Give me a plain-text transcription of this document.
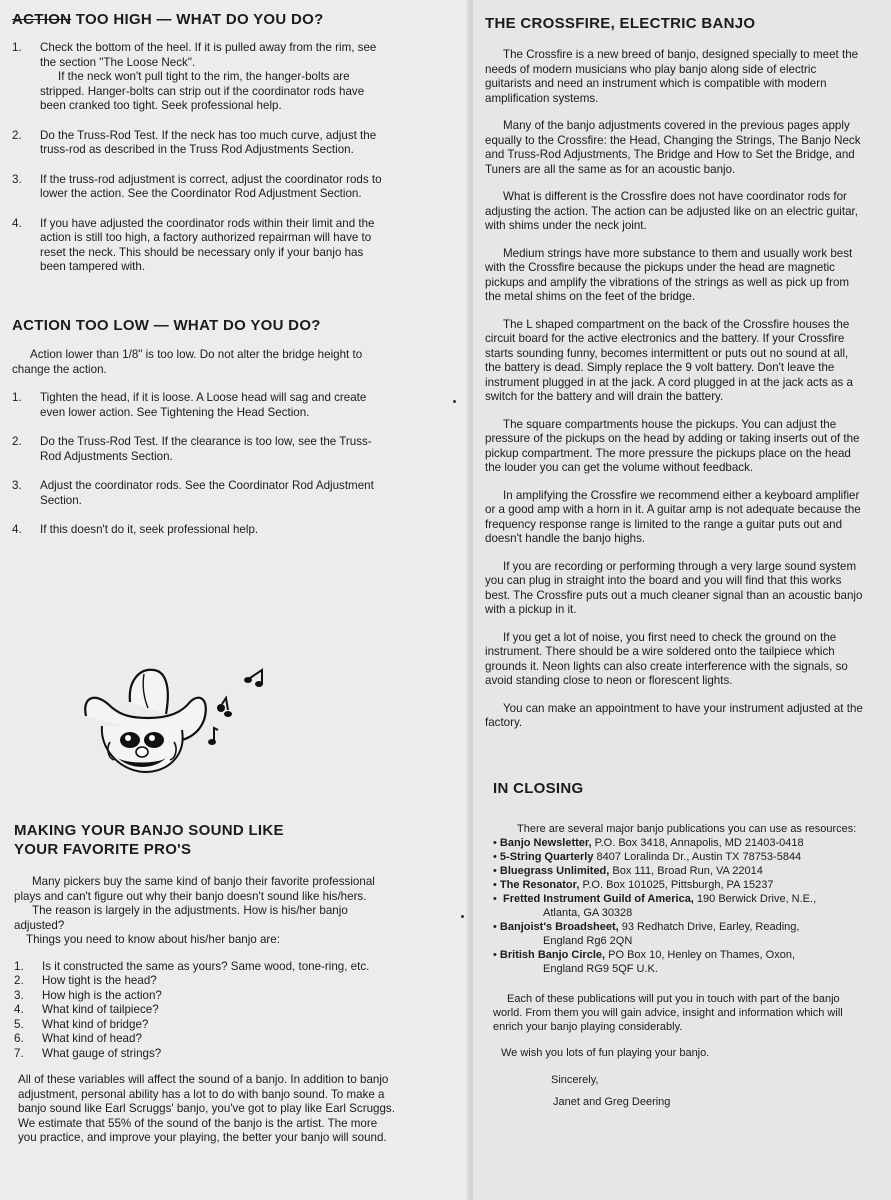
ACTION TOO HIGH — WHAT DO YOU DO?
1. Check the bottom of the heel. If it is pulled away from the rim, see the section "The Loose Neck".
If the neck won't pull tight to the rim, the hanger-bolts are stripped. Hanger-bolts can strip out if the coordinator rods have been cranked too tight. Seek professional help.
2. Do the Truss-Rod Test. If the neck has too much curve, adjust the truss-rod as described in the Truss Rod Adjustments Section.
3. If the truss-rod adjustment is correct, adjust the coordinator rods to lower the action. See the Coordinator Rod Adjustment Section.
4. If you have adjusted the coordinator rods within their limit and the action is still too high, a factory authorized repairman will have to reset the neck. This should be necessary only if your banjo has been tampered with.
ACTION TOO LOW — WHAT DO YOU DO?

Action lower than 1/8" is too low. Do not alter the bridge height to change the action.

1. Tighten the head, if it is loose. A Loose head will sag and create even lower action. See Tightening the Head Section.
2. Do the Truss-Rod Test. If the clearance is too low, see the Truss-Rod Adjustments Section.
3. Adjust the coordinator rods. See the Coordinator Rod Adjustment Section.
4. If this doesn't do it, seek professional help.
MAKING YOUR BANJO SOUND LIKE
YOUR FAVORITE PRO'S

Many pickers buy the same kind of banjo their favorite professional plays and can't figure out why their banjo doesn't sound like his/hers.

The reason is largely in the adjustments. How is his/her banjo adjusted?

Things you need to know about his/her banjo are:

1. Is it constructed the same as yours? Same wood, tone-ring, etc.
2. How tight is the head?
3. How high is the action?
4. What kind of tailpiece?
5. What kind of bridge?
6. What kind of head?
7. What gauge of strings?

All of these variables will affect the sound of a banjo. In addition to banjo adjustment, personal ability has a lot to do with banjo sound. To make a banjo sound like Earl Scruggs' banjo, you've got to play like Earl Scruggs. We estimate that 55% of the sound of the banjo is the artist. The more you practice, and improve your playing, the better your banjo will sound.

THE CROSSFIRE, ELECTRIC BANJO

The Crossfire is a new breed of banjo, designed specially to meet the needs of modern musicians who play banjo along side of electric guitarists and need an instrument which is compatible with modern amplification systems.

Many of the banjo adjustments covered in the previous pages apply equally to the Crossfire: the Head, Changing the Strings, The Banjo Neck and Truss-Rod Adjustments, The Bridge and How to Set the Bridge, and Tuners are all the same as for an acoustic banjo.

What is different is the Crossfire does not have coordinator rods for adjusting the action. The action can be adjusted like on an electric guitar, with shims under the neck joint.

Medium strings have more substance to them and usually work best with the Crossfire because the pickups under the head are magnetic pickups and amplify the vibrations of the strings as well as pick up from the metal shims on the feet of the bridge.

The L shaped compartment on the back of the Crossfire houses the circuit board for the active electronics and the battery. If your Crossfire starts sounding funny, becomes intermittent or puts out no sound at all, the battery is dead. Simply replace the 9 volt battery. Don't leave the instrument plugged in at the jack. A cord plugged in at the jack acts as a switch for the battery and will drain the battery.

The square compartments house the pickups. You can adjust the pressure of the pickups on the head by adding or taking inserts out of the pickup compartment. The more pressure the pickups place on the head the louder you can get the volume without feedback.

In amplifying the Crossfire we recommend either a keyboard amplifier or a good amp with a horn in it. A guitar amp is not adequate because the frequency response range is limited to the range a guitar puts out and doesn't handle the banjo highs.

If you are recording or performing through a very large sound system you can plug in straight into the board and you will find that this works best. The Crossfire puts out a much cleaner signal than an acoustic banjo with a pickup in it.

If you get a lot of noise, you first need to check the ground on the instrument. There should be a wire soldered onto the tailpiece which grounds it. Neon lights can also create interference with the signals, so avoid standing close to neon or florescent lights.

You can make an appointment to have your instrument adjusted at the factory.

IN CLOSING

There are several major banjo publications you can use as resources:

• Banjo Newsletter, P.O. Box 3418, Annapolis, MD 21403-0418
• 5-String Quarterly 8407 Loralinda Dr., Austin TX 78753-5844
• Bluegrass Unlimited, Box 111, Broad Run, VA 22014
• The Resonator, P.O. Box 101025, Pittsburgh, PA 15237
•  Fretted Instrument Guild of America, 190 Berwick Drive, N.E.,
Atlanta, GA 30328
• Banjoist's Broadsheet, 93 Redhatch Drive, Earley, Reading,
England Rg6 2QN
• British Banjo Circle, PO Box 10, Henley on Thames, Oxon,
England RG9 5QF U.K.

Each of these publications will put you in touch with part of the banjo world. From them you will gain advice, insight and information which will enrich your banjo playing considerably.

We wish you lots of fun playing your banjo.

Sincerely,

Janet and Greg Deering
